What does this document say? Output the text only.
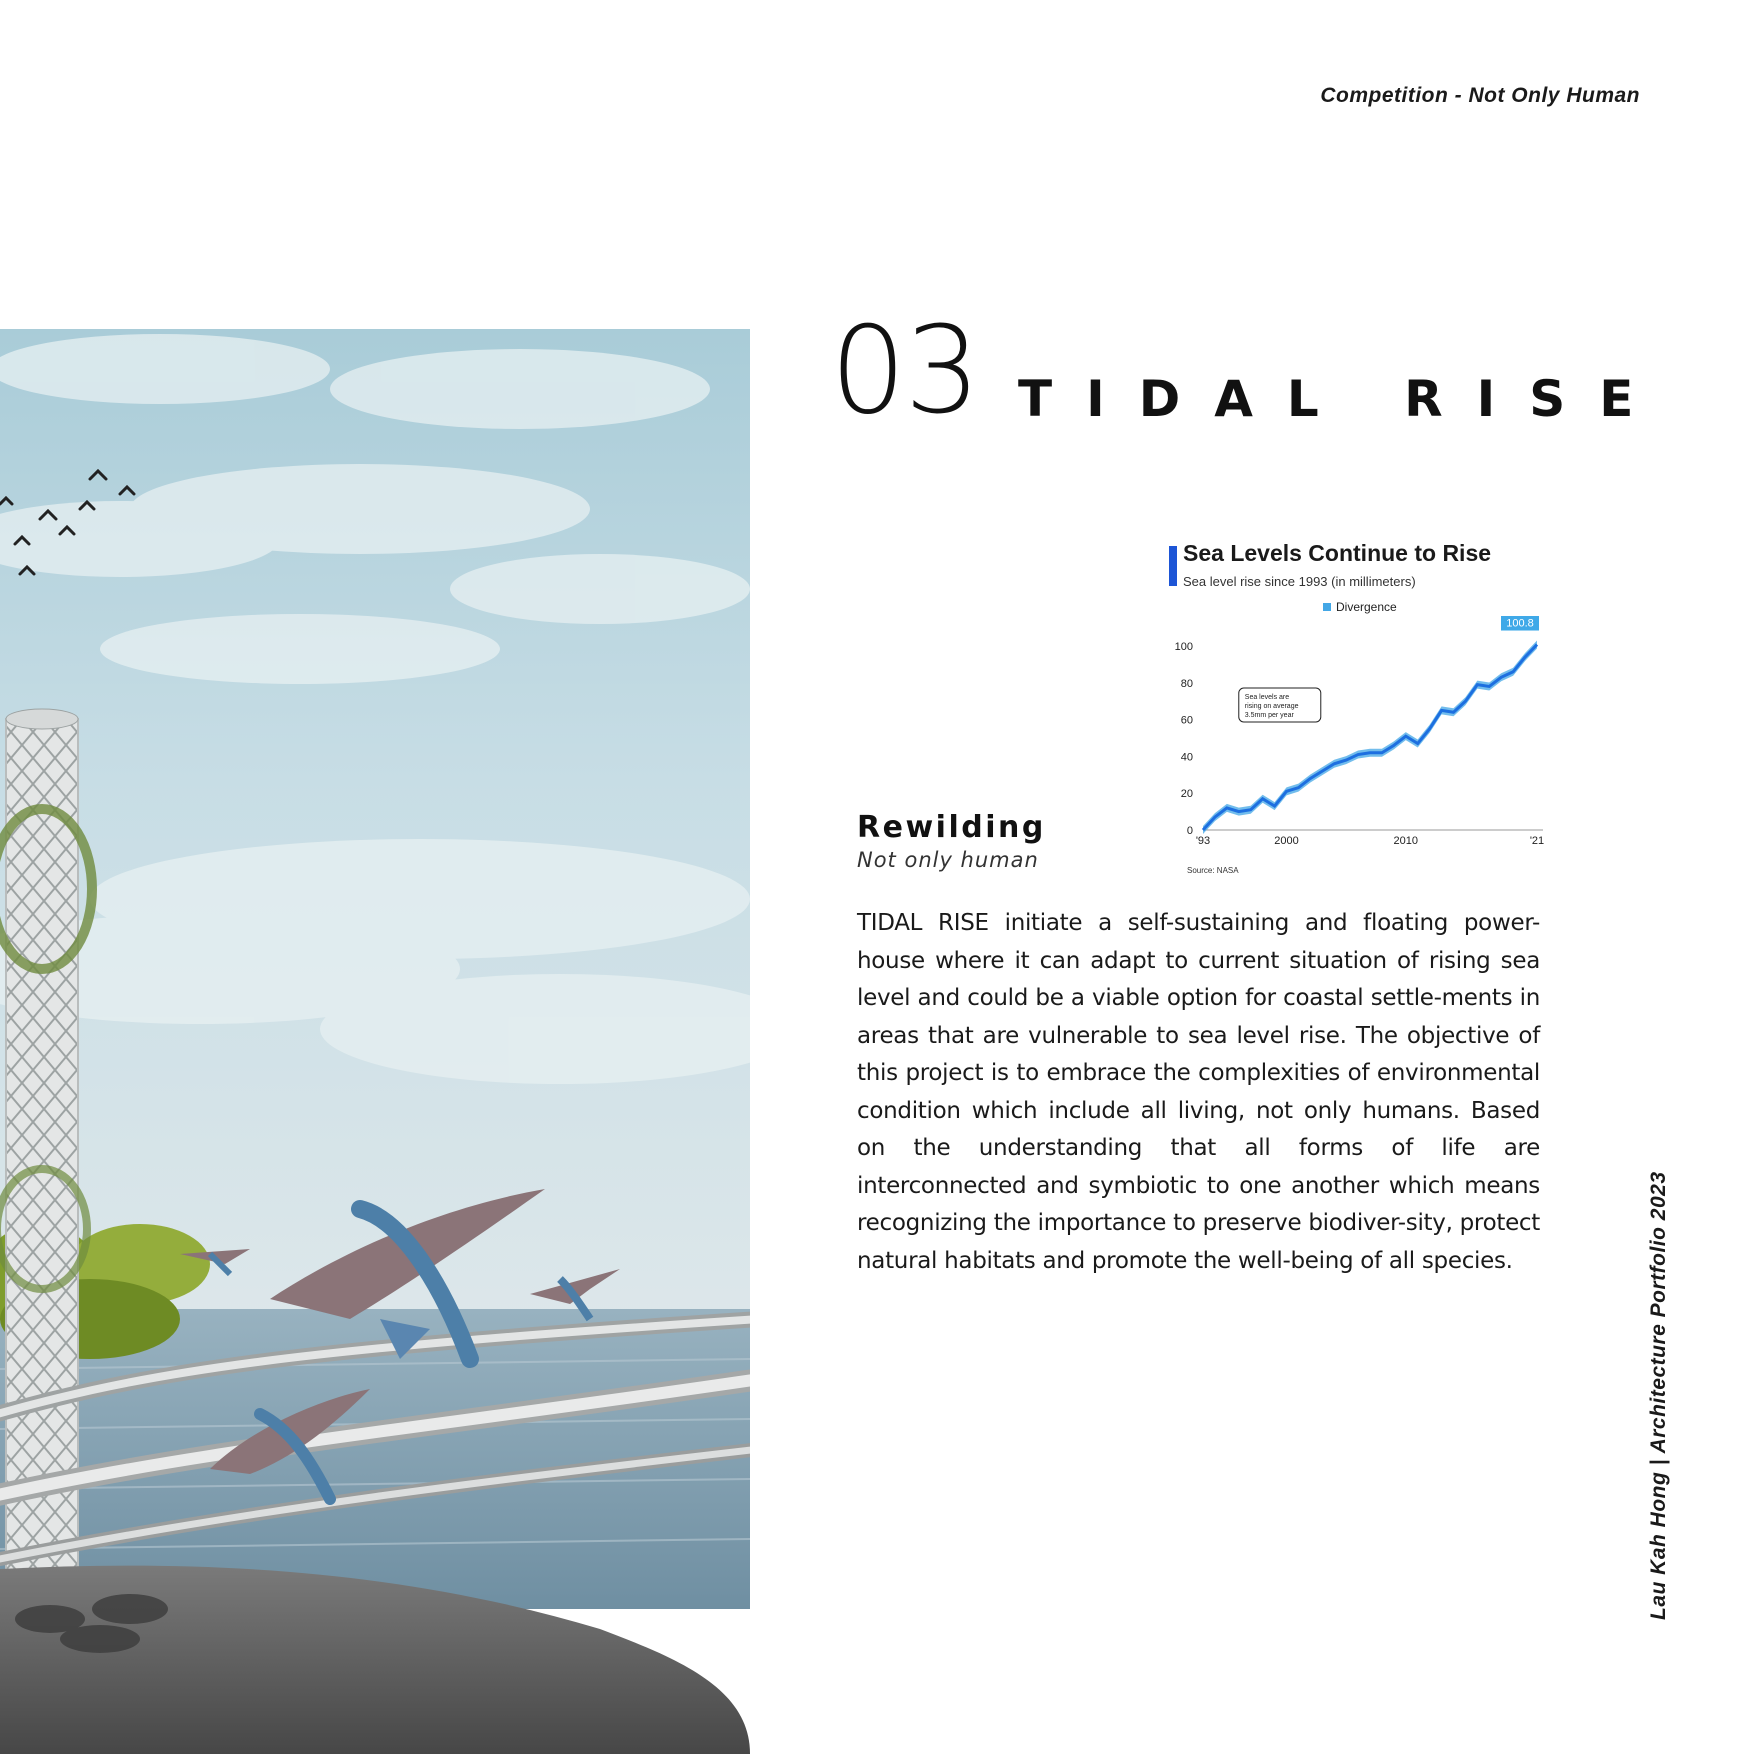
Competition - Not Only Human
03 TIDAL RISE
Sea Levels Continue to Rise
Sea level rise since 1993 (in millimeters)
Divergence
0
20
40
60
80
100
'93	2000	2010	'21
100.8
Sea levels are
rising on average
3.5mm per year
Source: NASA
Rewilding
Not only human
TIDAL RISE initiate a self-sustaining and floating power-house where it can adapt to current situation of rising sea level and could be a viable option for coastal settle-ments in areas that are vulnerable to sea level rise. The objective of this project is to embrace the complexities of environmental condition which include all living, not only humans. Based on the understanding that all forms of life are interconnected and symbiotic to one another which means recognizing the importance to preserve biodiver-sity, protect natural habitats and promote the well-being of all species.	Lau Kah Hong | Architecture Portfolio 2023
